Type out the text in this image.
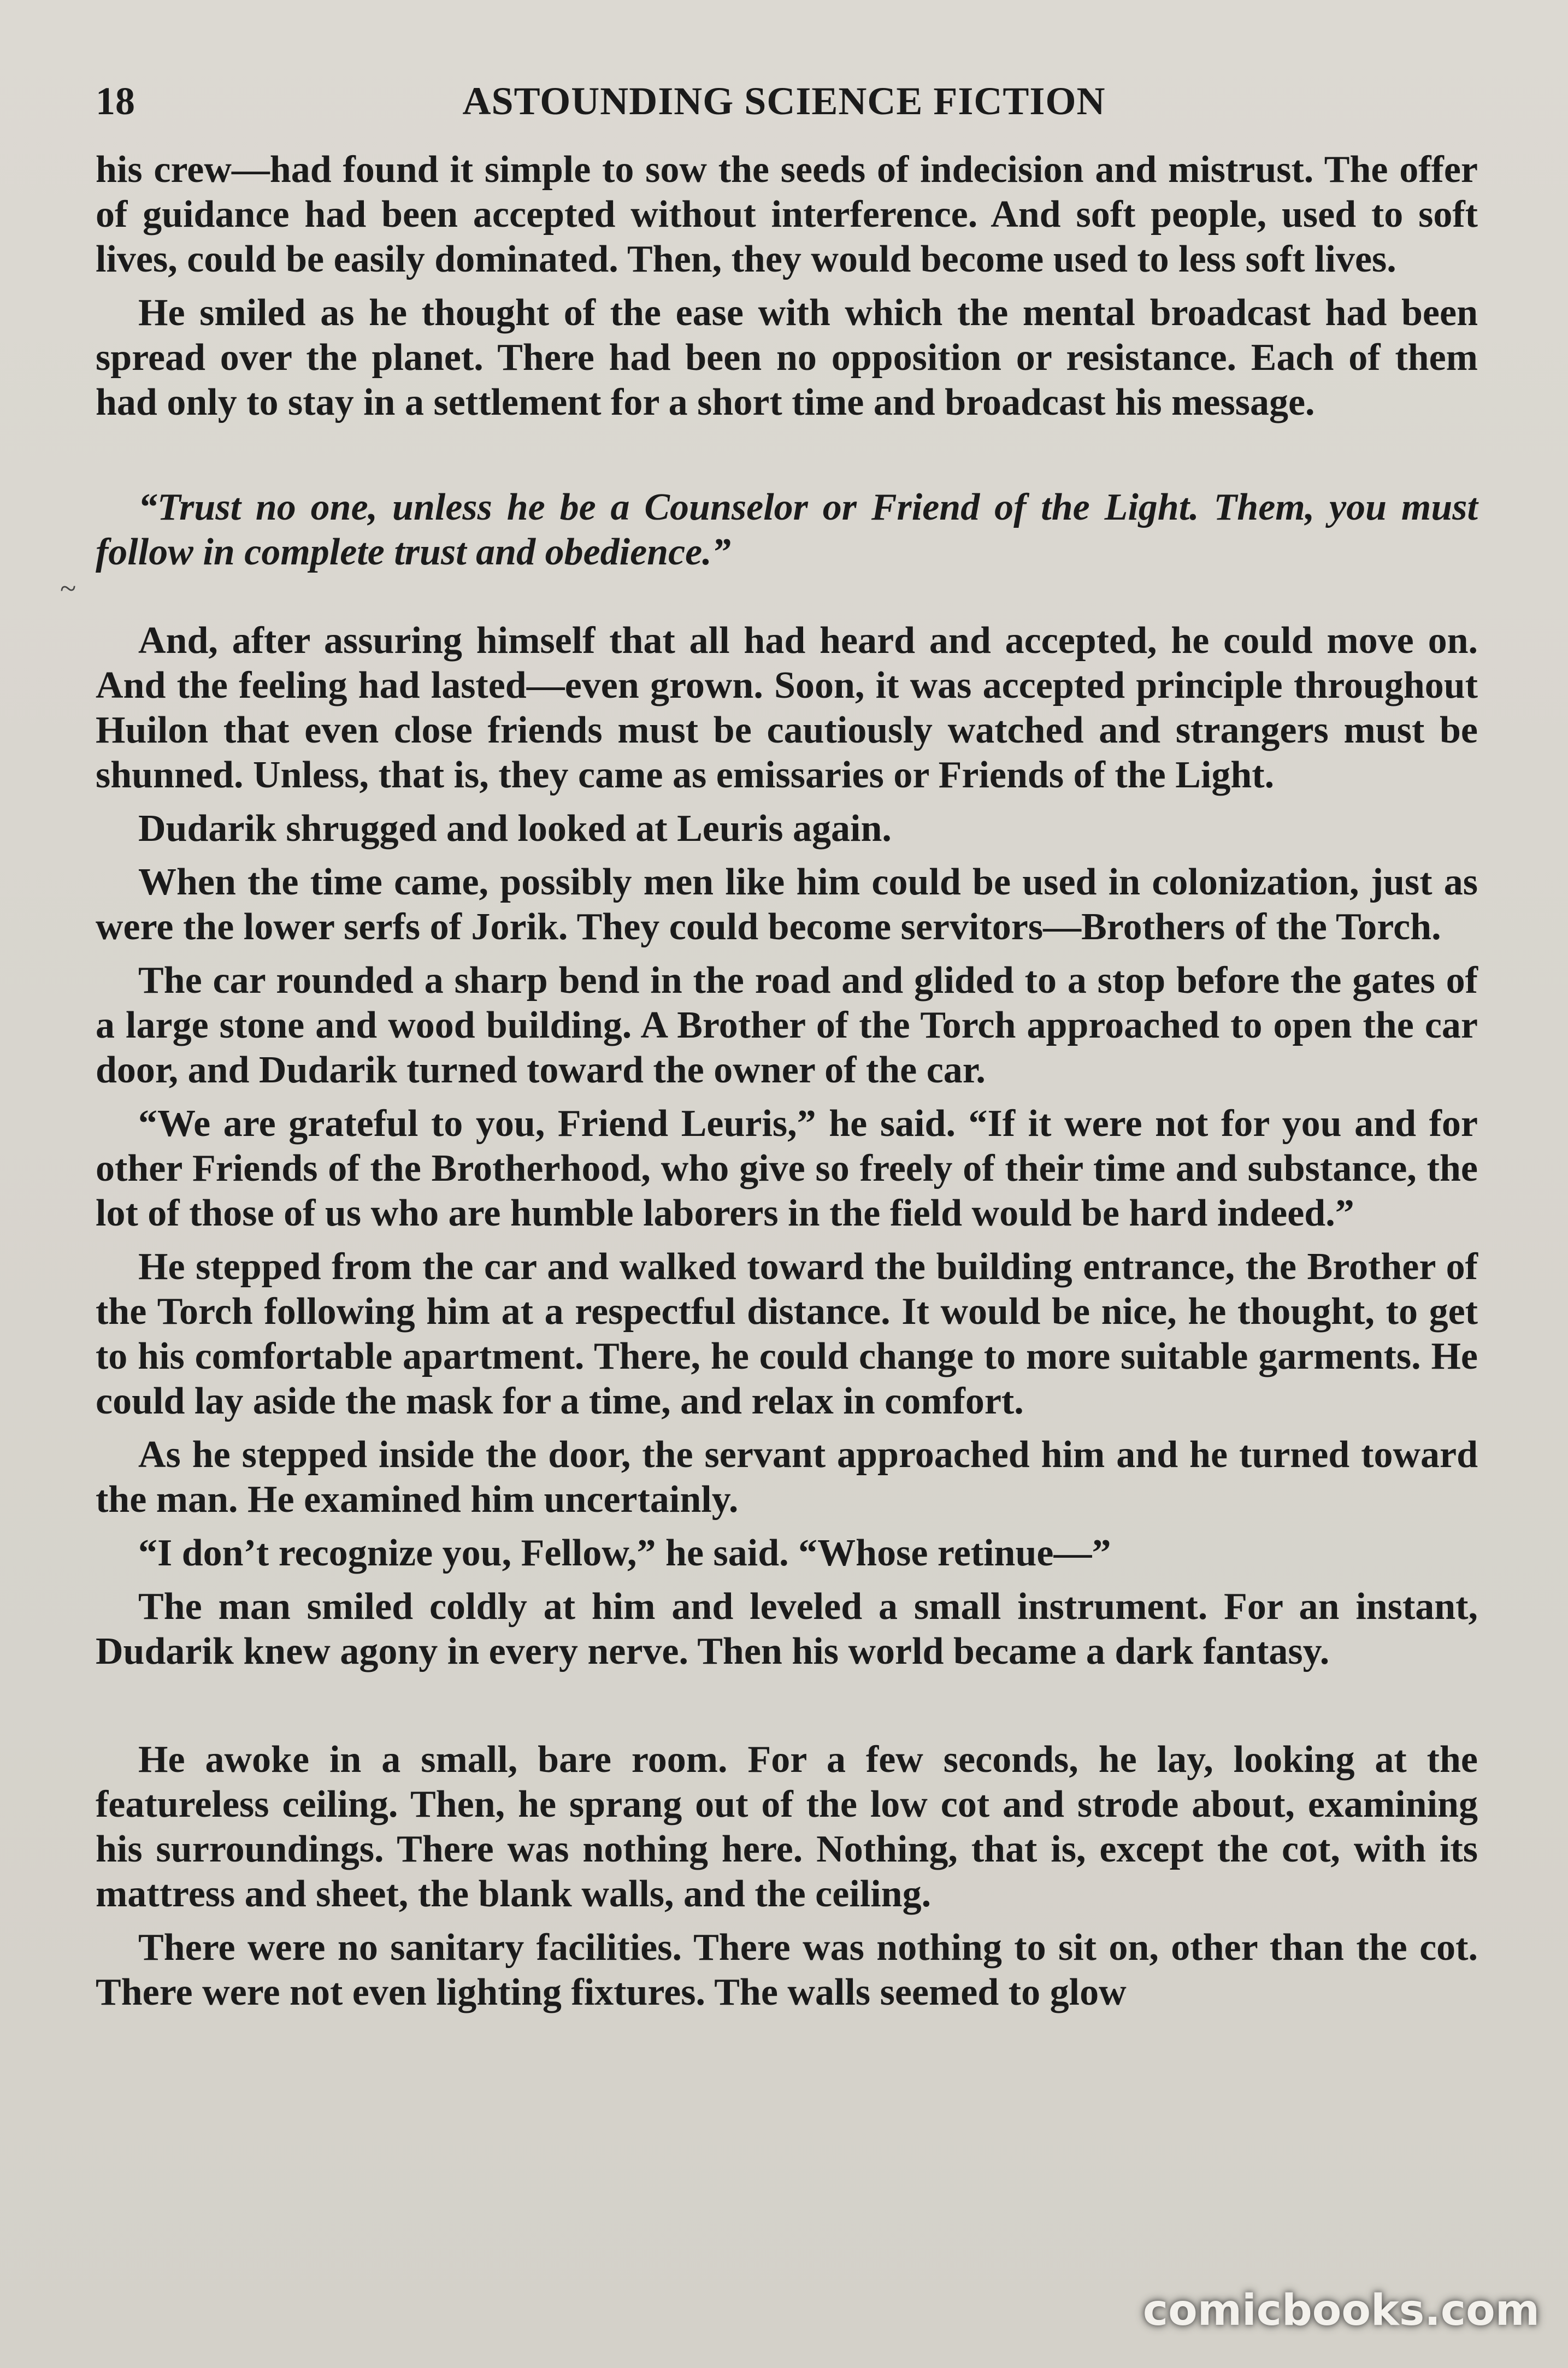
18	ASTOUNDING SCIENCE FICTION
~

his crew—had found it simple to sow the seeds of indecision and mistrust. The offer of guidance had been accepted without interference. And soft people, used to soft lives, could be easily dominated. Then, they would become used to less soft lives.

He smiled as he thought of the ease with which the mental broadcast had been spread over the planet. There had been no opposition or resistance. Each of them had only to stay in a settlement for a short time and broadcast his message.

“Trust no one, unless he be a Counselor or Friend of the Light. Them, you must follow in complete trust and obedience.”

And, after assuring himself that all had heard and accepted, he could move on. And the feeling had lasted—even grown. Soon, it was accepted principle throughout Huilon that even close friends must be cautiously watched and strangers must be shunned. Unless, that is, they came as emissaries or Friends of the Light.

Dudarik shrugged and looked at Leuris again.

When the time came, possibly men like him could be used in colonization, just as were the lower serfs of Jorik. They could become servitors—Brothers of the Torch.

The car rounded a sharp bend in the road and glided to a stop before the gates of a large stone and wood building. A Brother of the Torch approached to open the car door, and Dudarik turned toward the owner of the car.

“We are grateful to you, Friend Leuris,” he said. “If it were not for you and for other Friends of the Brotherhood, who give so freely of their time and substance, the lot of those of us who are humble laborers in the field would be hard indeed.”

He stepped from the car and walked toward the building entrance, the Brother of the Torch following him at a respectful distance. It would be nice, he thought, to get to his comfortable apartment. There, he could change to more suitable garments. He could lay aside the mask for a time, and relax in comfort.

As he stepped inside the door, the servant approached him and he turned toward the man. He examined him uncertainly.

“I don’t recognize you, Fellow,” he said. “Whose retinue—”

The man smiled coldly at him and leveled a small instrument. For an instant, Dudarik knew agony in every nerve. Then his world became a dark fantasy.

He awoke in a small, bare room. For a few seconds, he lay, looking at the featureless ceiling. Then, he sprang out of the low cot and strode about, examining his surroundings. There was nothing here. Nothing, that is, except the cot, with its mattress and sheet, the blank walls, and the ceiling.

There were no sanitary facilities. There was nothing to sit on, other than the cot. There were not even lighting fixtures. The walls seemed to glow

comicbooks.com
